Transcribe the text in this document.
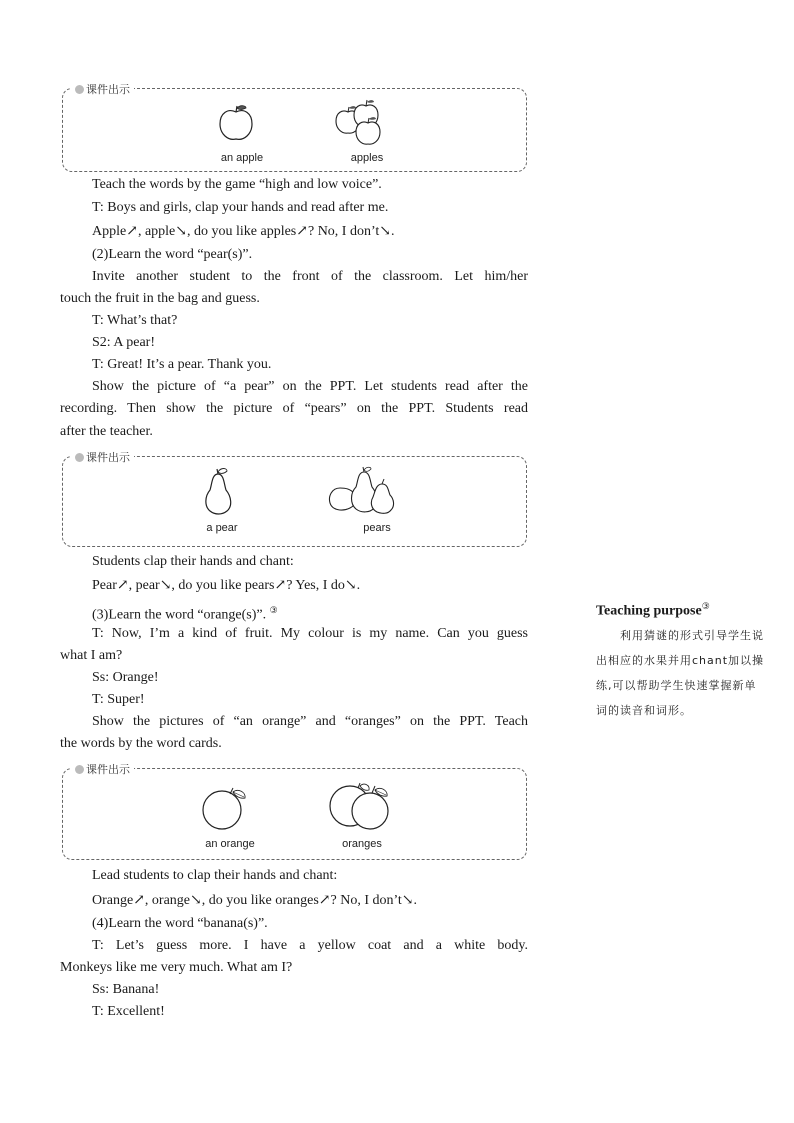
课件出示
an apple	apples
Teach the words by the game “high and low voice”.
T: Boys and girls, clap your hands and read after me.
Apple↗, apple↘, do you like apples↗? No, I don’t↘.
(2)Learn the word “pear(s)”.
Invite another student to the front of the classroom. Let him/her
touch the fruit in the bag and guess.
T: What’s that?
S2: A pear!
T: Great! It’s a pear. Thank you.
Show the picture of “a pear” on the PPT. Let students read after the
recording. Then show the picture of “pears” on the PPT. Students read
after the teacher.
课件出示
a pear	pears
Students clap their hands and chant:
Pear↗, pear↘, do you like pears↗? Yes, I do↘.
(3)Learn the word “orange(s)”. ③
T: Now, I’m a kind of fruit. My colour is my name. Can you guess
what I am?
Ss: Orange!
T: Super!
Show the pictures of “an orange” and “oranges” on the PPT. Teach
the words by the word cards.
课件出示
an orange	oranges
Lead students to clap their hands and chant:
Orange↗, orange↘, do you like oranges↗? No, I don’t↘.
(4)Learn the word “banana(s)”.
T: Let’s guess more. I have a yellow coat and a white body.
Monkeys like me very much. What am I?
Ss: Banana!
T: Excellent!
Teaching purpose③
利用猜谜的形式引导学生说出相应的水果并用chant加以操练,可以帮助学生快速掌握新单词的读音和词形。
